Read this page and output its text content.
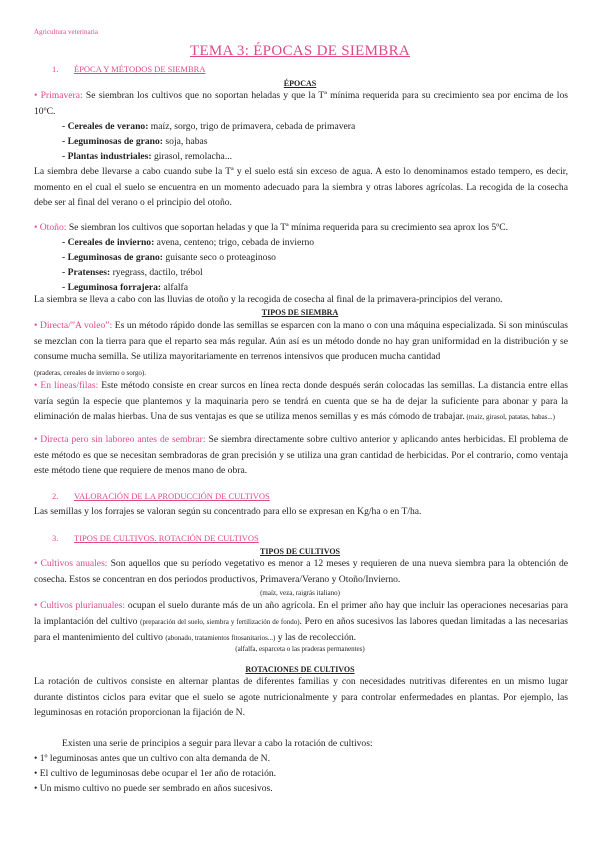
Agricultura veterinaria
TEMA 3: ÉPOCAS DE SIEMBRA
1. ÉPOCA Y MÉTODOS DE SIEMBRA
ÉPOCAS
• Primavera: Se siembran los cultivos que no soportan heladas y que la Tª mínima requerida para su crecimiento sea por encima de los 10ºC.
- Cereales de verano: maíz, sorgo, trigo de primavera, cebada de primavera
- Leguminosas de grano: soja, habas
- Plantas industriales: girasol, remolacha...
La siembra debe llevarse a cabo cuando sube la Tª y el suelo está sin exceso de agua. A esto lo denominamos estado tempero, es decir, momento en el cual el suelo se encuentra en un momento adecuado para la siembra y otras labores agrícolas. La recogida de la cosecha debe ser al final del verano o el principio del otoño.
• Otoño: Se siembran los cultivos que soportan heladas y que la Tª mínima requerida para su crecimiento sea aprox los 5ºC.
- Cereales de invierno: avena, centeno; trigo, cebada de invierno
- Leguminosas de grano: guisante seco o proteaginoso
- Pratenses: ryegrass, dactilo, trébol
- Leguminosa forrajera: alfalfa
La siembra se lleva a cabo con las lluvias de otoño y la recogida de cosecha al final de la primavera-principios del verano.
TIPOS DE SIEMBRA
• Directa/”A voleo”: Es un método rápido donde las semillas se esparcen con la mano o con una máquina especializada. Si son minúsculas se mezclan con la tierra para que el reparto sea más regular. Aún así es un método donde no hay gran uniformidad en la distribución y se consume mucha semilla. Se utiliza mayoritariamente en terrenos intensivos que producen mucha cantidad
(praderas, cereales de invierno o sorgo).
• En líneas/filas: Este método consiste en crear surcos en línea recta donde después serán colocadas las semillas. La distancia entre ellas varía según la especie que plantemos y la maquinaria pero se tendrá en cuenta que se ha de dejar la suficiente para abonar y para la eliminación de malas hierbas. Una de sus ventajas es que se utiliza menos semillas y es más cómodo de trabajar. (maíz, girasol, patatas, habas...)
• Directa pero sin laboreo antes de sembrar: Se siembra directamente sobre cultivo anterior y aplicando antes herbicidas. El problema de este método es que se necesitan sembradoras de gran precisión y se utiliza una gran cantidad de herbicidas. Por el contrario, como ventaja este método tiene que requiere de menos mano de obra.
2. VALORACIÓN DE LA PRODUCCIÓN DE CULTIVOS
Las semillas y los forrajes se valoran según su concentrado para ello se expresan en Kg/ha o en T/ha.
3. TIPOS DE CULTIVOS. ROTACIÓN DE CULTIVOS
TIPOS DE CULTIVOS
• Cultivos anuales: Son aquellos que su período vegetativo es menor a 12 meses y requieren de una nueva siembra para la obtención de cosecha. Estos se concentran en dos periodos productivos, Primavera/Verano y Otoño/Invierno.
(maíz, veza, raigrás italiano)
• Cultivos plurianuales: ocupan el suelo durante más de un año agrícola. En el primer año hay que incluir las operaciones necesarias para la implantación del cultivo (preparación del suelo, siembra y fertilización de fondo). Pero en años sucesivos las labores quedan limitadas a las necesarias para el mantenimiento del cultivo (abonado, tratamientos fitosanitarios...) y las de recolección.
(alfalfa, esparceta o las praderas permanentes)
ROTACIONES DE CULTIVOS
La rotación de cultivos consiste en alternar plantas de diferentes familias y con necesidades nutritivas diferentes en un mismo lugar durante distintos ciclos para evitar que el suelo se agote nutricionalmente y para controlar enfermedades en plantas. Por ejemplo, las leguminosas en rotación proporcionan la fijación de N.
Existen una serie de principios a seguir para llevar a cabo la rotación de cultivos:
• 1º leguminosas antes que un cultivo con alta demanda de N.
• El cultivo de leguminosas debe ocupar el 1er año de rotación.
• Un mismo cultivo no puede ser sembrado en años sucesivos.
